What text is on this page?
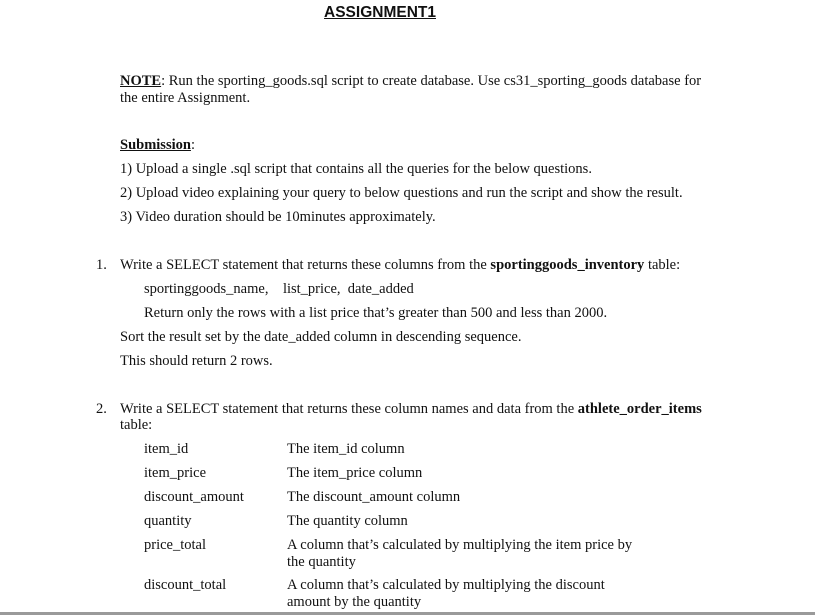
ASSIGNMENT1
NOTE: Run the sporting_goods.sql script to create database. Use cs31_sporting_goods database for the entire Assignment.
Submission:
1) Upload a single .sql script that contains all the queries for the below questions.
2) Upload video explaining your query to below questions and run the script and show the result.
3) Video duration should be 10minutes approximately.
1. Write a SELECT statement that returns these columns from the sportinggoods_inventory table:
sportinggoods_name,    list_price,  date_added
Return only the rows with a list price that’s greater than 500 and less than 2000.
Sort the result set by the date_added column in descending sequence.
This should return 2 rows.
2. Write a SELECT statement that returns these column names and data from the athlete_order_items
table:
item_id	The item_id column
item_price	The item_price column
discount_amount	The discount_amount column
quantity	The quantity column
price_total	A column that’s calculated by multiplying the item price by the quantity
discount_total	A column that’s calculated by multiplying the discount amount by the quantity
